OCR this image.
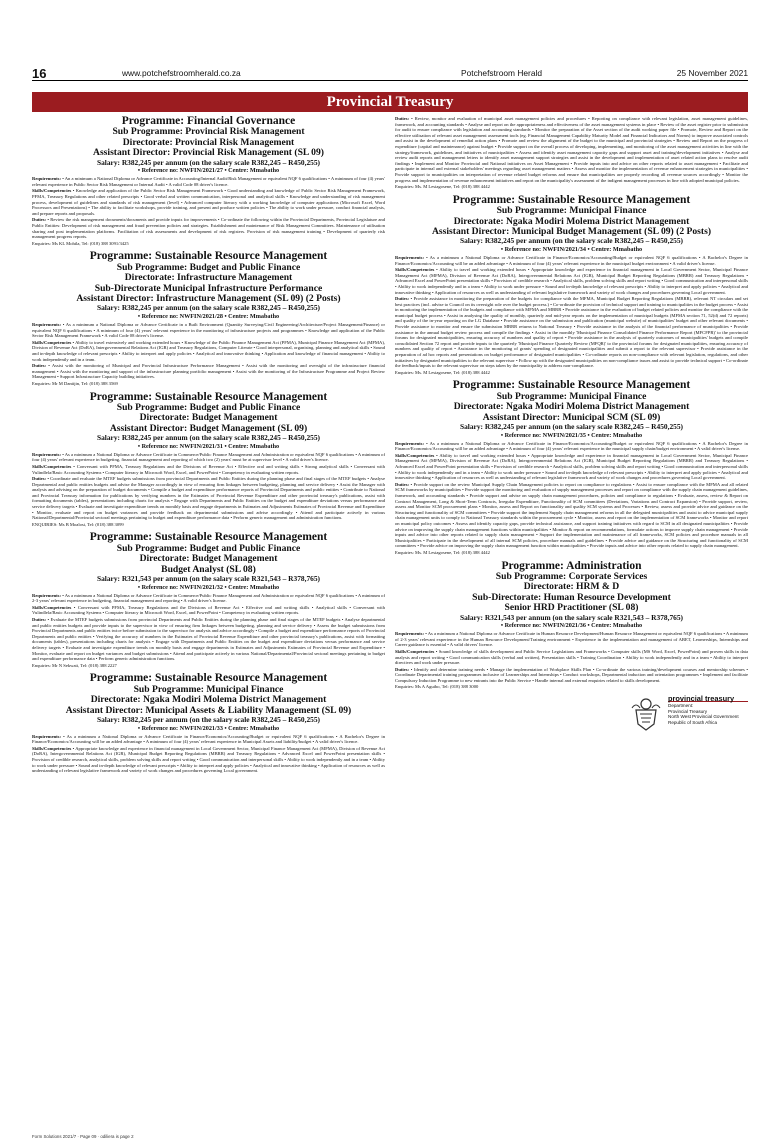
16	www.potchefstroomherald.co.za	Potchefstroom Herald	25 November 2021
Provincial Treasury
Programme: Financial Governance
Sub Programme: Provincial Risk Management
Directorate: Provincial Risk Management
Assistant Director: Provincial Risk Management (SL 09)
Salary: R382,245 per annum (on the salary scale R382,245 – R450,255)
• Reference no: NWFIN/2021/27 • Centre: Mmabatho

Requirements: • An a minimum a National Diploma or Advance Certificate in Accounting/Internal Audit/Risk Management or equivalent NQF 6 qualifications • A minimum of four (4) years' relevant experience in Public Sector Risk Management or Internal Audit • A valid Code 08 driver's licence.

Skills/Competencies • Knowledge and application of the Public Sector Risk Management Framework • Good understanding and knowledge of Public Sector Risk Management Framework, PFMA, Treasury Regulations and other related prescripts • Good verbal and written communication, interpersonal and analytical skills • Knowledge and understanding of risk management process, development of guidelines and standards of risk management (level) • Advanced computer literacy with a working knowledge of computer applications (Microsoft Excel, Word Processors and Presentations) • The ability to facilitate workshops, provide training, and present and produce written policies • The ability to work under pressure, conduct financial analysis, and prepare reports and proposals.

Duties: • Review the risk management documents/documents and provide inputs for improvements • Co-ordinate the following within the Provincial Departments, Provincial Legislature and Public Entities: Development of risk management and fraud prevention policies and strategies. Establishment and maintenance of Risk Management Committees. Maintenance of utilisation sharing and post implementation platforms. Facilitation of risk assessments and development of risk registers. Provision of risk management training • Development of quarterly risk management progress reports.

Enquiries: Ms KL Mohila, Tel: (018) 388 3091/3425
Programme: Sustainable Resource Management
Sub Programme: Budget and Public Finance
Directorate: Infrastructure Management
Sub-Directorate Municipal Infrastructure Performance
Assistant Director: Infrastructure Management (SL 09) (2 Posts)
Salary: R382,245 per annum (on the salary scale R382,245 – R450,255)
• Reference no: NWFIN/2021/28 • Centre: Mmabatho

Requirements: • As a minimum a National Diploma or Advance Certificate in a Built Environment (Quantity Surveying/Civil Engineering/Architecture/Project Management/Finance) or equivalent NQF 6 qualifications • A minimum of four (4) years' relevant experience in the monitoring of infrastructure projects and programmes • Knowledge and application of the Public Sector Risk Management Framework • A valid Code 08 driver's license.

Skills/Competencies • Ability to travel extensively and working extended hours • Knowledge of the Public Finance Management Act (PFMA), Municipal Finance Management Act (MFMA), Division of Revenue Act (DoRA), Intergovernmental Relations Act (IGR) and Treasury Regulations, Computer Literate • Good interpersonal, organising, planning and analytical skills • Sound and in-depth knowledge of relevant prescripts • Ability to interpret and apply policies • Analytical and innovative thinking • Application and knowledge of financial management • Ability to work independently and in a team.

Duties: • Assist with the monitoring of Municipal and Provincial Infrastructure Performance Management • Assist with the monitoring and oversight of the infrastructure financial management • Assist with the monitoring and support of the infrastructure planning portfolio management • Assist with the monitoring of the Infrastructure Programme and Project Review Management • Support Infrastructure Capacity building initiatives.

Enquiries: Mr M Dantijin, Tel: (018) 388 3569
Programme: Sustainable Resource Management
Sub Programme: Budget and Public Finance
Directorate: Budget Management
Assistant Director: Budget Management (SL 09)
Salary: R382,245 per annum (on the salary scale R382,245 – R450,255)
• Reference no: NWFIN/2021/31 • Centre: Mmabatho

Requirements: • As a minimum a National Diploma or Advance Certificate in Commerce/Public Finance Management and Administration or equivalent NQF 6 qualifications • A minimum of four (4) years' relevant experience in budgeting, financial management and reporting of which two (2) years' must be at supervisor level • A valid driver's licence.

Skills/Competencies • Conversant with PFMA, Treasury Regulations and the Divisions of Revenue Act • Effective oral and writing skills • Strong analytical skills • Conversant with Vulindlela/Basic Accounting Systems • Computer literacy in Microsoft Word, Excel, and PowerPoint • Competency in evaluating written reports.

Duties: • Coordinate and evaluate the MTEF budgets submissions from provincial Departments and Public Entities during the planning phase and final stages of the MTEF budgets • Analyse Departmental and public entities budgets and advise the Manager accordingly in view of ensuring firm linkages between budgeting, planning and service delivery • Assist the Manager with analysis and advising on the preparation of budget documents • Compile a budget and expenditure performance reports of Provincial Departments and public entities • Contribute to National and Provincial Treasury information for publications by verifying numbers in the Estimates of Provincial Revenue Expenditure and other provincial treasury's publications, assist with formatting documents (tables), presentations including charts for analysis • Engage with Departments and Public Entities on the budget and expenditure deviations versus performance and service delivery targets • Evaluate and investigate expenditure trends on monthly basis and engage departments in Estimates and Adjustments Estimates of Provincial Revenue and Expenditure • Monitor, evaluate and report on budget variances and provide feedback on departmental submissions and advise accordingly • Attend and participate actively in various National/Departmental/Provincial sectoral meetings pertaining to budget and expenditure performance data • Perform generic management and administration functions.

ENQUIRIES: Ms B Moalosi, Tel: (018) 388 3099
Programme: Sustainable Resource Management
Sub Programme: Budget and Public Finance
Directorate: Budget Management
Budget Analyst (SL 08)
Salary: R321,543 per annum (on the salary scale R321,543 – R378,765)
• Reference no: NWFIN/2021/32 • Centre: Mmabatho

Requirements: • As a minimum a National Diploma or Advance Certificate in Commerce/Public Finance Management and Administration or equivalent NQF 6 qualifications • A minimum of 2-3 years' relevant experience in budgeting, financial management and reporting • A valid driver's license.

Skills/Competencies • Conversant with PFMA, Treasury Regulations and the Divisions of Revenue Act • Effective oral and writing skills • Analytical skills • Conversant with Vulindlela/Basic Accounting Systems • Computer literacy in Microsoft Word, Excel, and PowerPoint • Competency in evaluating written reports.

Duties: • Evaluate the MTEF budgets submissions from provincial Departments and Public Entities during the planning phase and final stages of the MTEF budgets • Analyse departmental and public entities budgets and provide inputs to the supervisor in view of ensuring firm linkages between budgeting, planning and service delivery • Assess the budget submissions from Provincial Departments and public entities twice before submission to the supervisor for analysis and advice accordingly • Compile a budget and expenditure performance reports of Provincial Departments and public entities • Verifying the accuracy of numbers in the Estimates of Provincial Revenue Expenditure and other provincial treasury's publications, assist with formatting documents (tables), presentations including charts for analysis • Engage with Departments and Public Entities on the budget and expenditure deviations versus performance and service delivery targets • Evaluate and investigate expenditure trends on monthly basis and engage departments in Estimates and Adjustments Estimates of Provincial Revenue and Expenditure • Monitor, evaluate and report on budget variances and budget submissions • Attend and participate actively in various National/Departmental/Provincial sectoral meetings pertaining to budget and expenditure performance data • Perform generic administration functions.

Enquiries: Mr N Sekwati, Tel: (018) 388 2227
Programme: Sustainable Resource Management
Sub Programme: Municipal Finance
Directorate: Ngaka Modiri Molema District Management
Assistant Director: Municipal Assets & Liability Management (SL 09)
Salary: R382,245 per annum (on the salary scale R382,245 – R450,255)
• Reference no: NWFIN/2021/33 • Centre: Mmabatho

Requirements: • As a minimum a National Diploma or Advance Certificate in Finance/Economics/Accounting/Budget or equivalent NQF 6 qualifications • A Bachelor's Degree in Finance/Economics/Accounting will be an added advantage • A minimum of four (4) years' relevant experience in Municipal Assets and liability/budget • A valid driver's licence.

Skills/Competencies • Appropriate knowledge and experience in financial management in Local Government Sector, Municipal Finance Management Act (MFMA), Division of Revenue Act (DoRA), Intergovernmental Relations Act (IGR), Municipal Budget Reporting Regulations (MBRR) and Treasury Regulations • Advanced Excel and PowerPoint presentation skills • Provision of credible research, analytical skills, problem solving skills and report writing • Good communication and interpersonal skills • Ability to work independently and in a team • Ability to work under pressure • Sound and in-depth knowledge of relevant prescripts • Ability to interpret and apply policies • Analytical and innovative thinking • Application of resources as well as understanding of relevant legislative framework and variety of work changes and procedures governing Local government.

Duties: • Review, monitor and evaluation of municipal asset management policies and procedures • Reporting on compliance with relevant legislation, asset management guidelines, framework, and accounting standards • Analyse and report on the appropriateness and effectiveness of the asset management systems in place • Review of the asset register prior to submission for audit to ensure compliance with legislation and accounting standards • Monitor the preparation of the Asset section of the audit working paper file • Promote, Review and Report on the effective utilisation of relevant asset management assessment tools (eg. Financial Management Capability Maturity Model and Financial Indicators and Norms) to improve associated controls and assist in the development of remedial action plans • Promote and review the alignment of the budget to the municipal and provincial strategies • Review and Report on the progress of expenditure (capital and maintenance) against budget • Provide support on the overall process of developing, implementing, and monitoring of the asset management activities in line with the strategy/framework, guidelines, and initiatives of municipalities • Assess and identify asset management capacity gaps and support asset and training/development initiatives • Analyse and review audit reports and management letters to identify asset management support strategies and assist in the development and implementation of asset related action plans to resolve audit findings • Implement and Monitor Provincial and National initiatives on Asset Management • Provide inputs into and advice on other reports related to asset management • Facilitate and participate in internal and external stakeholders' meetings regarding asset management matters • Assess and monitor the implementation of revenue enhancement strategies in municipalities • Provide support to municipalities on interpretation of revenue related budget reforms and ensure that municipalities are properly recording all revenue sources accordingly • Monitor the progress and implementation of revenue enhancement initiatives and report on the municipality's assessment of the indigent management processes in line with adopted municipal policies.

Enquiries: Ms. M Lesiagosene, Tel: (018) 388 4442
Programme: Sustainable Resource Management
Sub Programme: Municipal Finance
Directorate: Ngaka Modiri Molema District Management
Assistant Director: Municipal Budget Management (SL 09) (2 Posts)
Salary: R382,245 per annum (on the salary scale R382,245 – R450,255)
• Reference no: NWFIN/2021/34 • Centre: Mmabatho

Requirements: • As a minimum a National Diploma or Advance Certificate in Finance/Economics/Accounting/Budget or equivalent NQF 6 qualifications • A Bachelor's Degree in Finance/Economics/Accounting will be an added advantage • A minimum of four (4) years' relevant experience in the municipal budget environment • A valid driver's license.

Skills/Competencies • Ability to travel and working extended hours • Appropriate knowledge and experience in financial management in Local Government Sector, Municipal Finance Management Act (MFMA), Division of Revenue Act (DoRA), Intergovernmental Relations Act (IGR), Municipal Budget Reporting Regulations (MBRR) and Treasury Regulations • Advanced Excel and PowerPoint presentation skills • Provision of credible research • Analytical skills, problem solving skills and report writing • Good communication and interpersonal skills • Ability to work independently and in a team • Ability to work under pressure • Sound and in-depth knowledge of relevant prescripts • Ability to interpret and apply policies • Analytical and innovative thinking • Application of resources as well as understanding of relevant legislative framework and variety of work changes and procedures governing Local government.

Duties: • Provide assistance in monitoring the preparation of the budgets for compliance with the MFMA, Municipal Budget Reporting Regulations (MBRR), relevant NT circulars and set best practices (incl. advise to Council on its oversight role over the budget process.) • Co-ordinate the provision of technical support and training to municipalities in the budget process • Assist in monitoring the implementation of the budgets and compliance with MFMA and MBRR • Provide assistance in the evaluation of budget related policies and monitor the compliance with the municipal budget process • Assist in analysing the quality of monthly, quarterly and mid-year reports on the implementation of municipal budgets (MFMA section 71, 52(d) and 72 reports) and quality of the in-year reporting on the LG Database • Provide assistance on the submission and publication (municipal website) of municipalities' budget and other relevant documents • Provide assistance to monitor and ensure the submission MBRR returns to National Treasury • Provide assistance in the analysis of the financial performance of municipalities • Provide assistance in the annual budget review process and compile the findings • Assist in the monthly 'Municipal Finance Consolidated Finance Performance Report (MFCFPR)' to the provincial forums for designated municipalities, ensuring accuracy of numbers and quality of report • Provide assistance in the analysis of quarterly outcomes of municipalities' budgets and compile consolidated Section 72 report and provide inputs to the quarterly 'Municipal Finance Quarterly Review (MFQR)' to the provincial forums for designated municipalities, ensuring accuracy of numbers and quality of report • Assistance in the monitoring of grants' spending of designated municipalities and submit a report to the relevant supervisor • Provide assistance in the preparation of ad hoc reports and presentations on budget performance of designated municipalities • Co-ordinate reports on non-compliance with relevant legislation, regulations, and other initiatives by designated municipalities to the relevant supervisor • Follow up with the designated municipalities on non-compliance issues and assist to provide technical support • Co-ordinate the feedback/inputs to the relevant supervisor on steps taken by the municipality to address non-compliance.

Enquiries: Ms. M Lesiagosene, Tel: (018) 388 4442
Programme: Sustainable Resource Management
Sub Programme: Municipal Finance
Directorate: Ngaka Modiri Molema District Management
Assistant Director: Municipal SCM (SL 09)
Salary: R382,245 per annum (on the salary scale R382,245 – R450,255)
• Reference no: NWFIN/2021/35 • Centre: Mmabatho

Requirements: • As a minimum a National Diploma or Advance Certificate in Finance/Economics/Accounting/Budget or equivalent NQF 6 qualifications • A Bachelor's Degree in Finance/Economics/Accounting will be an added advantage • A minimum of four (4) years' relevant experience in the municipal supply chain/budget environment • A valid driver's license.

Skills/Competencies • Ability to travel and working extended hours • Appropriate knowledge and experience in financial management in Local Government Sector, Municipal Finance Management Act (MFMA), Division of Revenue Act (DoRA), Intergovernmental Relations Act (IGR), Municipal Budget Reporting Regulations (MBRR) and Treasury Regulations • Advanced Excel and PowerPoint presentation skills • Provision of credible research • Analytical skills, problem solving skills and report writing • Good communication and interpersonal skills • Ability to work independently and in a team • Ability to work under pressure • Sound and in-depth knowledge of relevant prescripts • Ability to interpret and apply policies • Analytical and innovative thinking • Application of resources as well as understanding of relevant legislative framework and variety of work changes and procedures governing Local government.

Duties: • Provide support on the review Municipal Supply Chain Management policies to report on compliance to regulations • Assist to ensure compliance with the MFMA and all related SCM frameworks by municipalities • Provide support the monitoring and evaluation of supply management processes and report on compliance with the supply chain management guidelines, framework, and accounting standards • Provide support and advise on supply chain management procedures, policies and compliance to regulations • Evaluate, assess, review & Report on Contract Management, Long & Short-Term Contracts, Irregular Expenditure, Functionality of SCM committees (Deviations, Variations and Contract Expansion) • Provide support, review, assess and Monitor SCM procurement plans • Monitor, assess and Report on functionality and quality SCM systems and Processes • Review, assess and provide advice and guidance on the Structuring and functionality of SCM committees • Provide support the implement Supply chain management reforms in all the delegated municipalities and assist to advice municipal supply chain management units to comply to National Treasury standards within the procurement cycle • Monitor, assess and report on the implementation of SCM frameworks • Monitor and report on municipal policy outcomes • Assess and identify capacity gaps, provide technical assistance, and support training initiatives with regard to SCM in all designated municipalities • Provide advice on improving the supply chain management functions within municipalities • Monitor & report on recommendations, formulate actions to improve supply chain management • Provide inputs and advice into other reports related to supply chain management • Support the implementation and maintenance of all frameworks, SCM policies and procedure manuals in all Municipalities • Participate in the development of all internal SCM policies, procedure manuals and guidelines • Provide advice and guidance on the Structuring and functionality of SCM committees • Provide advice on improving the supply chain management function within municipalities • Provide inputs and advice into other reports related to supply chain management.

Enquiries: Ms. M Lesiagosene, Tel: (018) 388 4442
Programme: Administration
Sub Programme: Corporate Services
Directorate: HRM & D
Sub-Directorate: Human Resource Development
Senior HRD Practitioner (SL 08)
Salary: R321,543 per annum (on the salary scale R321,543 – R378,765)
• Reference no: NWFIN/2021/36 • Centre: Mmabatho

Requirements: • As a minimum a National Diploma or Advance Certificate in Human Resource Development/Human Resource Management or equivalent NQF 6 qualifications • A minimum of 2-3 years' relevant experience in the Human Resource Development/Training environment • Experience in the implementation and management of ABET, Learnerships, Internships and Career guidance is essential • A valid drivers' licence.

Skills/Competencies • Sound knowledge of skills development and Public Service Legislations and Frameworks • Computer skills (MS Word, Excel, PowerPoint) and proven skills in data analysis and report writing • Good communication skills (verbal and written), Presentation skills • Training Coordination • Ability to work independently and in a team • Ability to interpret directives and work under pressure.

Duties: • Identify and determine training needs • Manage the implementation of Workplace Skills Plan • Co-ordinate the various training/development courses and mentorship schemes • Coordinate Departmental training programmes inclusive of Learnerships and Internships • Conduct workshops, Departmental induction and orientation programmes • Implement and facilitate Compulsory Induction Programme to new entrants into the Public Service • Handle internal and external enquiries related to skills development.

Enquiries: Ms A Aguibo, Tel: (018) 388 3000
provincial treasury
Department:
Provincial Treasury
North West Provincial Government
Republic of South Africa
Form Solutions 2021/7 · Page 09 · odiliera is page 2
